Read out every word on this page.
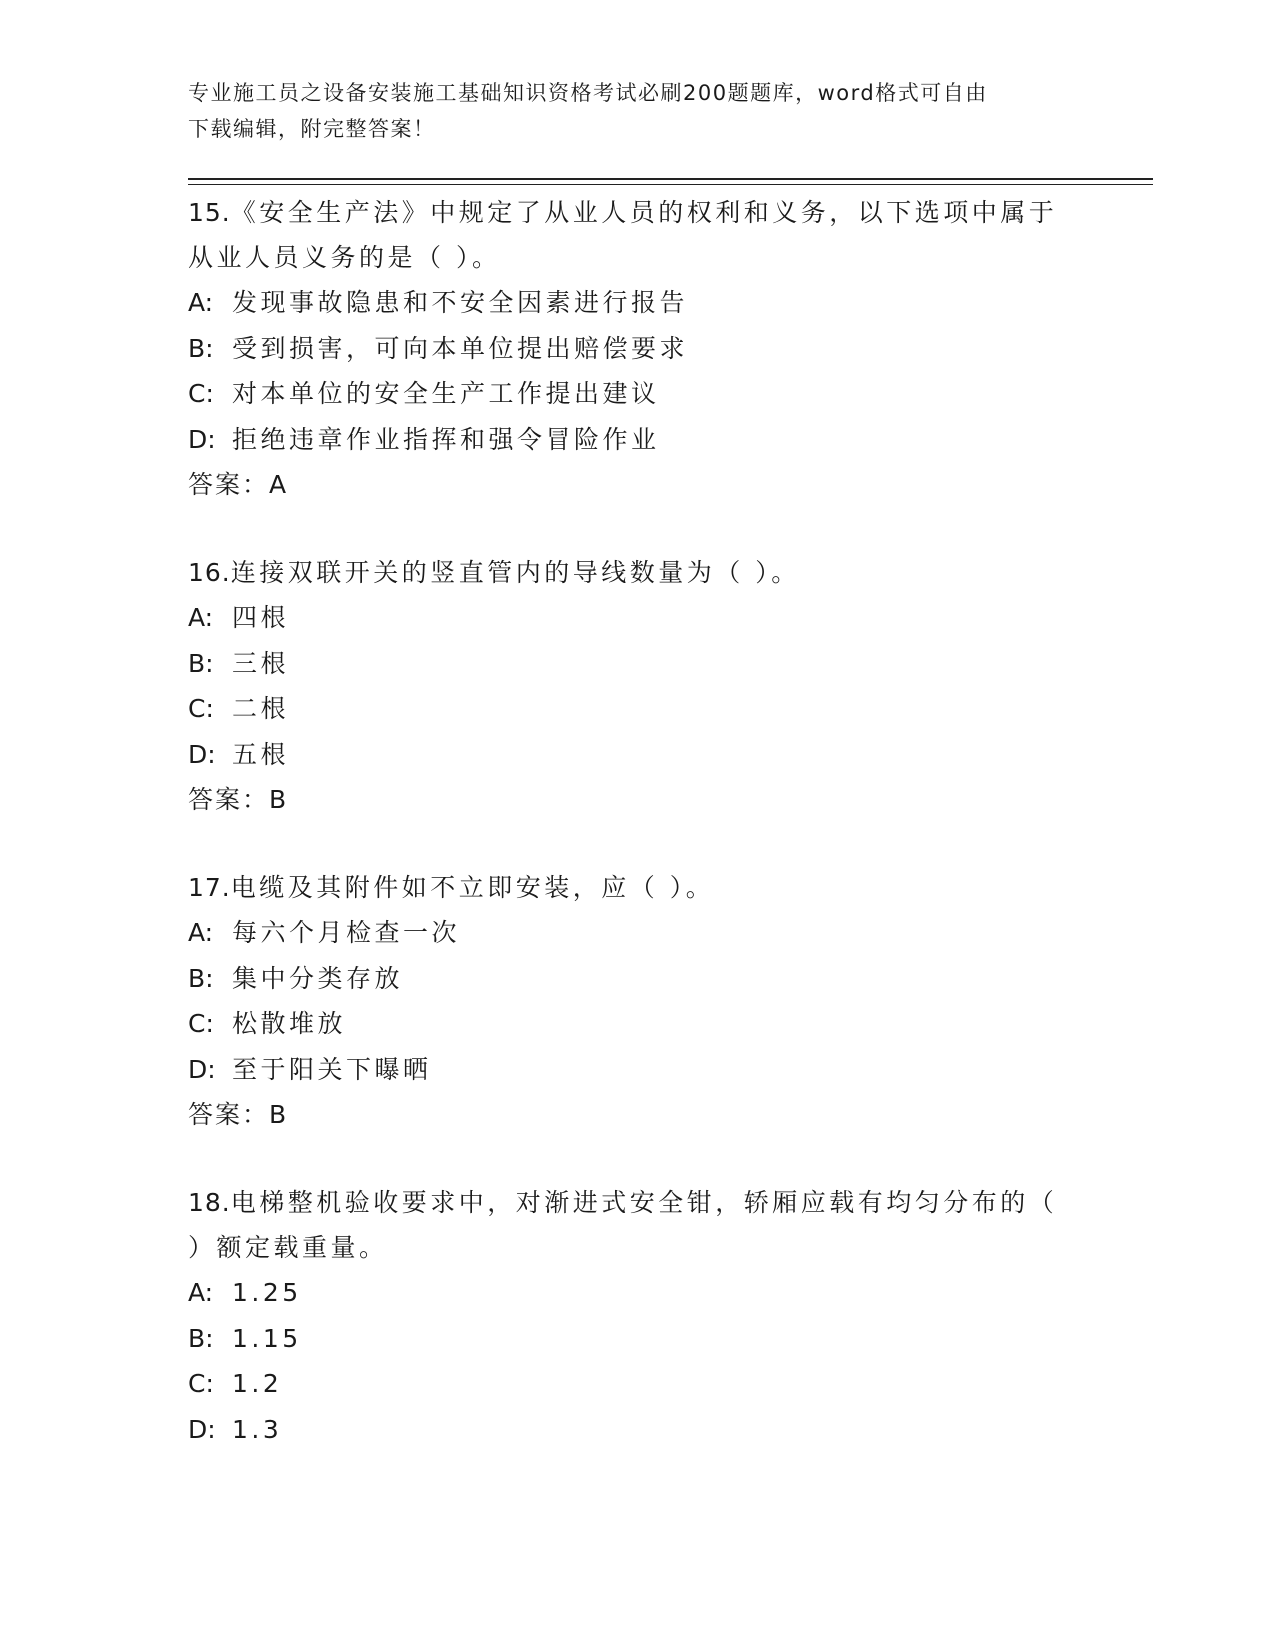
专业施工员之设备安装施工基础知识资格考试必刷200题题库，word格式可自由
下载编辑，附完整答案！

15.《安全生产法》中规定了从业人员的权利和义务，以下选项中属于

从业人员义务的是（ ）。

A: 发现事故隐患和不安全因素进行报告

B: 受到损害，可向本单位提出赔偿要求

C: 对本单位的安全生产工作提出建议

D: 拒绝违章作业指挥和强令冒险作业

答案：A

16.连接双联开关的竖直管内的导线数量为（ ）。

A: 四根

B: 三根

C: 二根

D: 五根

答案：B

17.电缆及其附件如不立即安装，应（ ）。

A: 每六个月检查一次

B: 集中分类存放

C: 松散堆放

D: 至于阳关下曝晒

答案：B

18.电梯整机验收要求中，对渐进式安全钳，轿厢应载有均匀分布的（

）额定载重量。

A: 1.25

B: 1.15

C: 1.2

D: 1.3
